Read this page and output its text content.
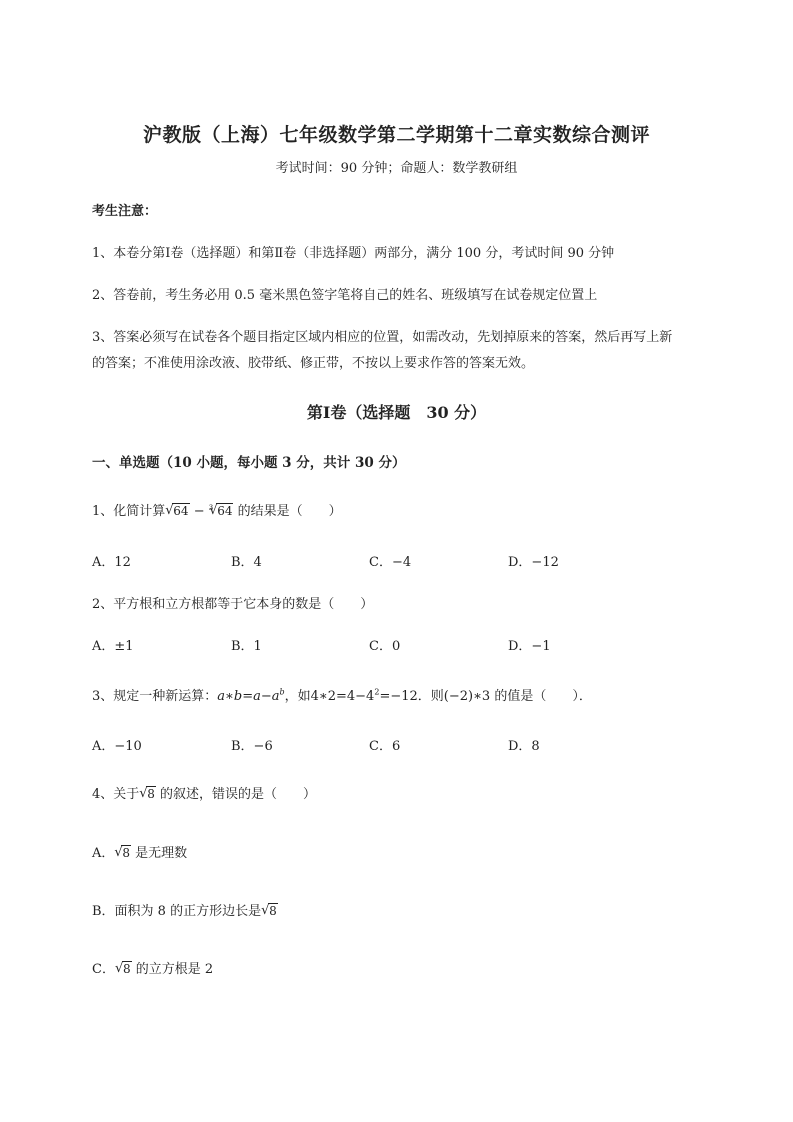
沪教版（上海）七年级数学第二学期第十二章实数综合测评
考试时间：90 分钟；命题人：数学教研组
考生注意：
1、本卷分第Ⅰ卷（选择题）和第Ⅱ卷（非选择题）两部分，满分 100 分，考试时间 90 分钟
2、答卷前，考生务必用 0.5 毫米黑色签字笔将自己的姓名、班级填写在试卷规定位置上
3、答案必须写在试卷各个题目指定区域内相应的位置，如需改动，先划掉原来的答案，然后再写上新
的答案；不准使用涂改液、胶带纸、修正带，不按以上要求作答的答案无效。
第Ⅰ卷（选择题　30 分）
一、单选题（10 小题，每小题 3 分，共计 30 分）
1、化简计算 √ 64 − $^3$ √ 64 的结果是（　　）
A．12	B．4	C．−4	D．−12
2、平方根和立方根都等于它本身的数是（　　）
A．±1	B．1	C．0	D．−1
3、规定一种新运算：$a∗b=a-a^b$，如$4∗2=4-4^2=-12$．则(−2)∗3 的值是（　　）．
A．−10	B．−6	C．6	D．8
4、关于 √ 8 的叙述，错误的是（　　）
A． √ 8 是无理数
B．面积为 8 的正方形边长是 √ 8
C． √ 8 的立方根是 2
